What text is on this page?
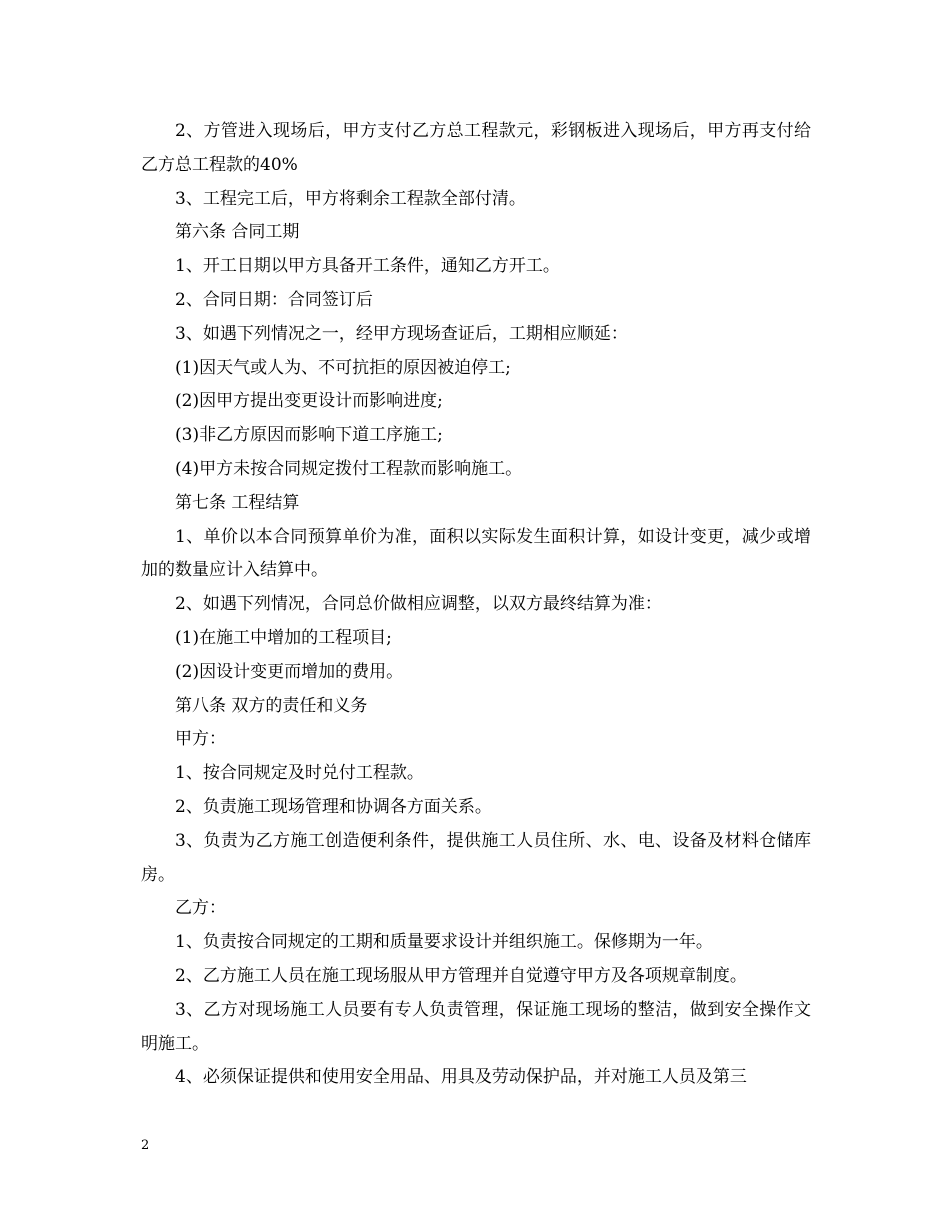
2、方管进入现场后，甲方支付乙方总工程款元，彩钢板进入现场后，甲方再支付给乙方总工程款的40%

3、工程完工后，甲方将剩余工程款全部付清。

第六条 合同工期

1、开工日期以甲方具备开工条件，通知乙方开工。

2、合同日期：合同签订后

3、如遇下列情况之一，经甲方现场查证后，工期相应顺延：

(1)因天气或人为、不可抗拒的原因被迫停工;

(2)因甲方提出变更设计而影响进度;

(3)非乙方原因而影响下道工序施工;

(4)甲方未按合同规定拨付工程款而影响施工。

第七条 工程结算

1、单价以本合同预算单价为准，面积以实际发生面积计算，如设计变更，减少或增加的数量应计入结算中。

2、如遇下列情况，合同总价做相应调整，以双方最终结算为准：

(1)在施工中增加的工程项目;

(2)因设计变更而增加的费用。

第八条 双方的责任和义务

甲方：

1、按合同规定及时兑付工程款。

2、负责施工现场管理和协调各方面关系。

3、负责为乙方施工创造便利条件，提供施工人员住所、水、电、设备及材料仓储库房。

乙方：

1、负责按合同规定的工期和质量要求设计并组织施工。保修期为一年。

2、乙方施工人员在施工现场服从甲方管理并自觉遵守甲方及各项规章制度。

3、乙方对现场施工人员要有专人负责管理，保证施工现场的整洁，做到安全操作文明施工。

4、必须保证提供和使用安全用品、用具及劳动保护品，并对施工人员及第三

2
